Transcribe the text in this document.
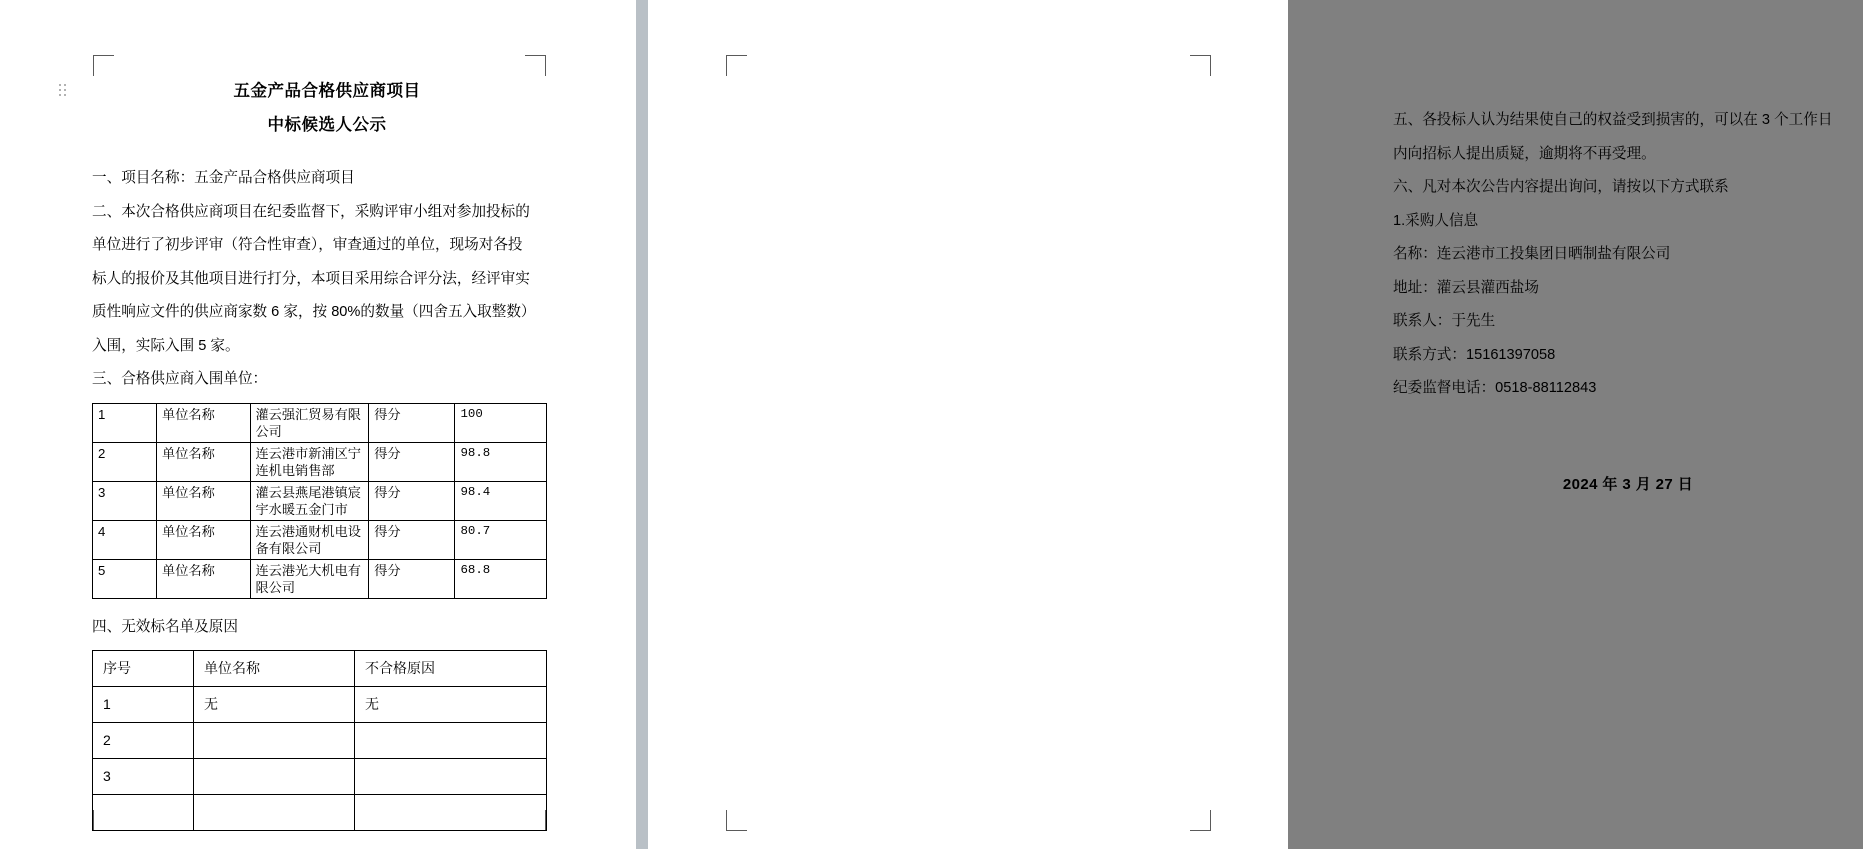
五金产品合格供应商项目
中标候选人公示

一、项目名称：五金产品合格供应商项目

二、本次合格供应商项目在纪委监督下，采购评审小组对参加投标的

单位进行了初步评审（符合性审查），审查通过的单位，现场对各投

标人的报价及其他项目进行打分，本项目采用综合评分法，经评审实

质性响应文件的供应商家数 6 家，按 80%的数量（四舍五入取整数）

入围，实际入围 5 家。

三、合格供应商入围单位：

1	单位名称	灌云强汇贸易有限公司	得分	100
2	单位名称	连云港市新浦区宁连机电销售部	得分	98.8
3	单位名称	灌云县燕尾港镇宸宇水暖五金门市	得分	98.4
4	单位名称	连云港通财机电设备有限公司	得分	80.7
5	单位名称	连云港光大机电有限公司	得分	68.8

四、无效标名单及原因

序号	单位名称	不合格原因
1	无	无
2		
3		

五、各投标人认为结果使自己的权益受到损害的，可以在 3 个工作日

内向招标人提出质疑，逾期将不再受理。

六、凡对本次公告内容提出询问，请按以下方式联系

1.采购人信息

名称：连云港市工投集团日晒制盐有限公司

地址：灌云县灌西盐场

联系人：于先生

联系方式：15161397058

纪委监督电话：0518-88112843

2024 年 3 月 27 日
